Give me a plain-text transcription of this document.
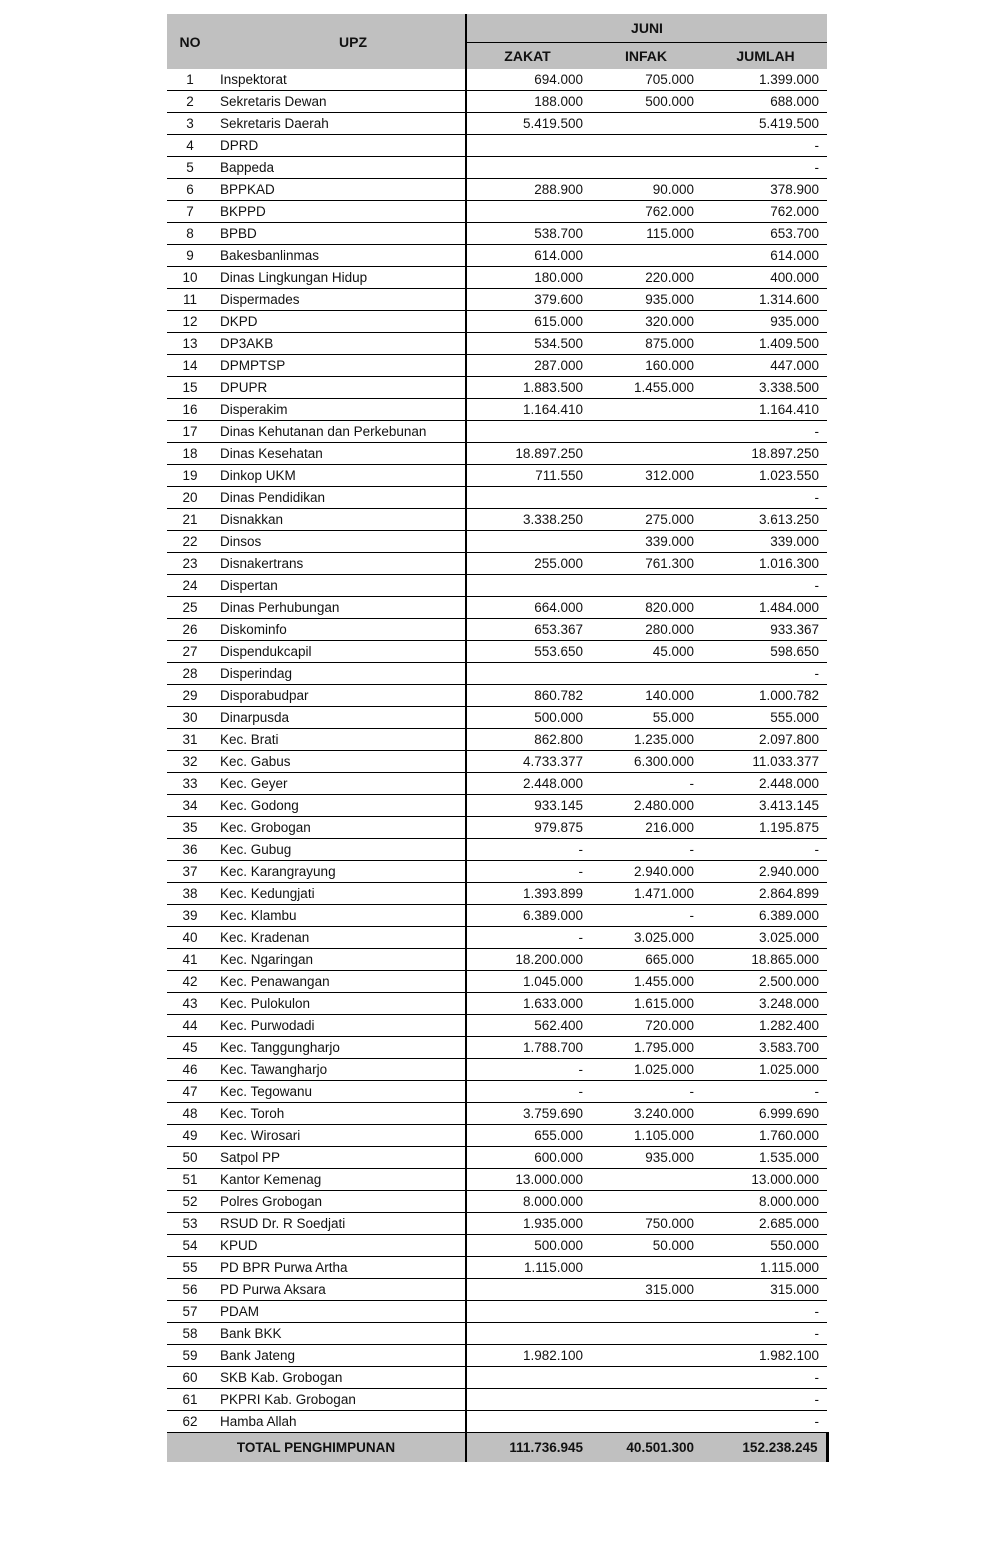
NO	UPZ	JUNI		
		ZAKAT	INFAK	JUMLAH
1	Inspektorat	694.000	705.000	1.399.000
2	Sekretaris Dewan	188.000	500.000	688.000
3	Sekretaris Daerah	5.419.500		5.419.500
4	DPRD			-
5	Bappeda			-
6	BPPKAD	288.900	90.000	378.900
7	BKPPD		762.000	762.000
8	BPBD	538.700	115.000	653.700
9	Bakesbanlinmas	614.000		614.000
10	Dinas Lingkungan Hidup	180.000	220.000	400.000
11	Dispermades	379.600	935.000	1.314.600
12	DKPD	615.000	320.000	935.000
13	DP3AKB	534.500	875.000	1.409.500
14	DPMPTSP	287.000	160.000	447.000
15	DPUPR	1.883.500	1.455.000	3.338.500
16	Disperakim	1.164.410		1.164.410
17	Dinas Kehutanan dan Perkebunan			-
18	Dinas Kesehatan	18.897.250		18.897.250
19	Dinkop UKM	711.550	312.000	1.023.550
20	Dinas Pendidikan			-
21	Disnakkan	3.338.250	275.000	3.613.250
22	Dinsos		339.000	339.000
23	Disnakertrans	255.000	761.300	1.016.300
24	Dispertan			-
25	Dinas Perhubungan	664.000	820.000	1.484.000
26	Diskominfo	653.367	280.000	933.367
27	Dispendukcapil	553.650	45.000	598.650
28	Disperindag			-
29	Disporabudpar	860.782	140.000	1.000.782
30	Dinarpusda	500.000	55.000	555.000
31	Kec. Brati	862.800	1.235.000	2.097.800
32	Kec. Gabus	4.733.377	6.300.000	11.033.377
33	Kec. Geyer	2.448.000	-	2.448.000
34	Kec. Godong	933.145	2.480.000	3.413.145
35	Kec. Grobogan	979.875	216.000	1.195.875
36	Kec. Gubug	-	-	-
37	Kec. Karangrayung	-	2.940.000	2.940.000
38	Kec. Kedungjati	1.393.899	1.471.000	2.864.899
39	Kec. Klambu	6.389.000	-	6.389.000
40	Kec. Kradenan	-	3.025.000	3.025.000
41	Kec. Ngaringan	18.200.000	665.000	18.865.000
42	Kec. Penawangan	1.045.000	1.455.000	2.500.000
43	Kec. Pulokulon	1.633.000	1.615.000	3.248.000
44	Kec. Purwodadi	562.400	720.000	1.282.400
45	Kec. Tanggungharjo	1.788.700	1.795.000	3.583.700
46	Kec. Tawangharjo	-	1.025.000	1.025.000
47	Kec. Tegowanu	-	-	-
48	Kec. Toroh	3.759.690	3.240.000	6.999.690
49	Kec. Wirosari	655.000	1.105.000	1.760.000
50	Satpol PP	600.000	935.000	1.535.000
51	Kantor Kemenag	13.000.000		13.000.000
52	Polres Grobogan	8.000.000		8.000.000
53	RSUD Dr. R Soedjati	1.935.000	750.000	2.685.000
54	KPUD	500.000	50.000	550.000
55	PD BPR Purwa Artha	1.115.000		1.115.000
56	PD Purwa Aksara		315.000	315.000
57	PDAM			-
58	Bank BKK			-
59	Bank Jateng	1.982.100		1.982.100
60	SKB Kab. Grobogan			-
61	PKPRI Kab. Grobogan			-
62	Hamba Allah			-
TOTAL PENGHIMPUNAN		111.736.945	40.501.300	152.238.245
